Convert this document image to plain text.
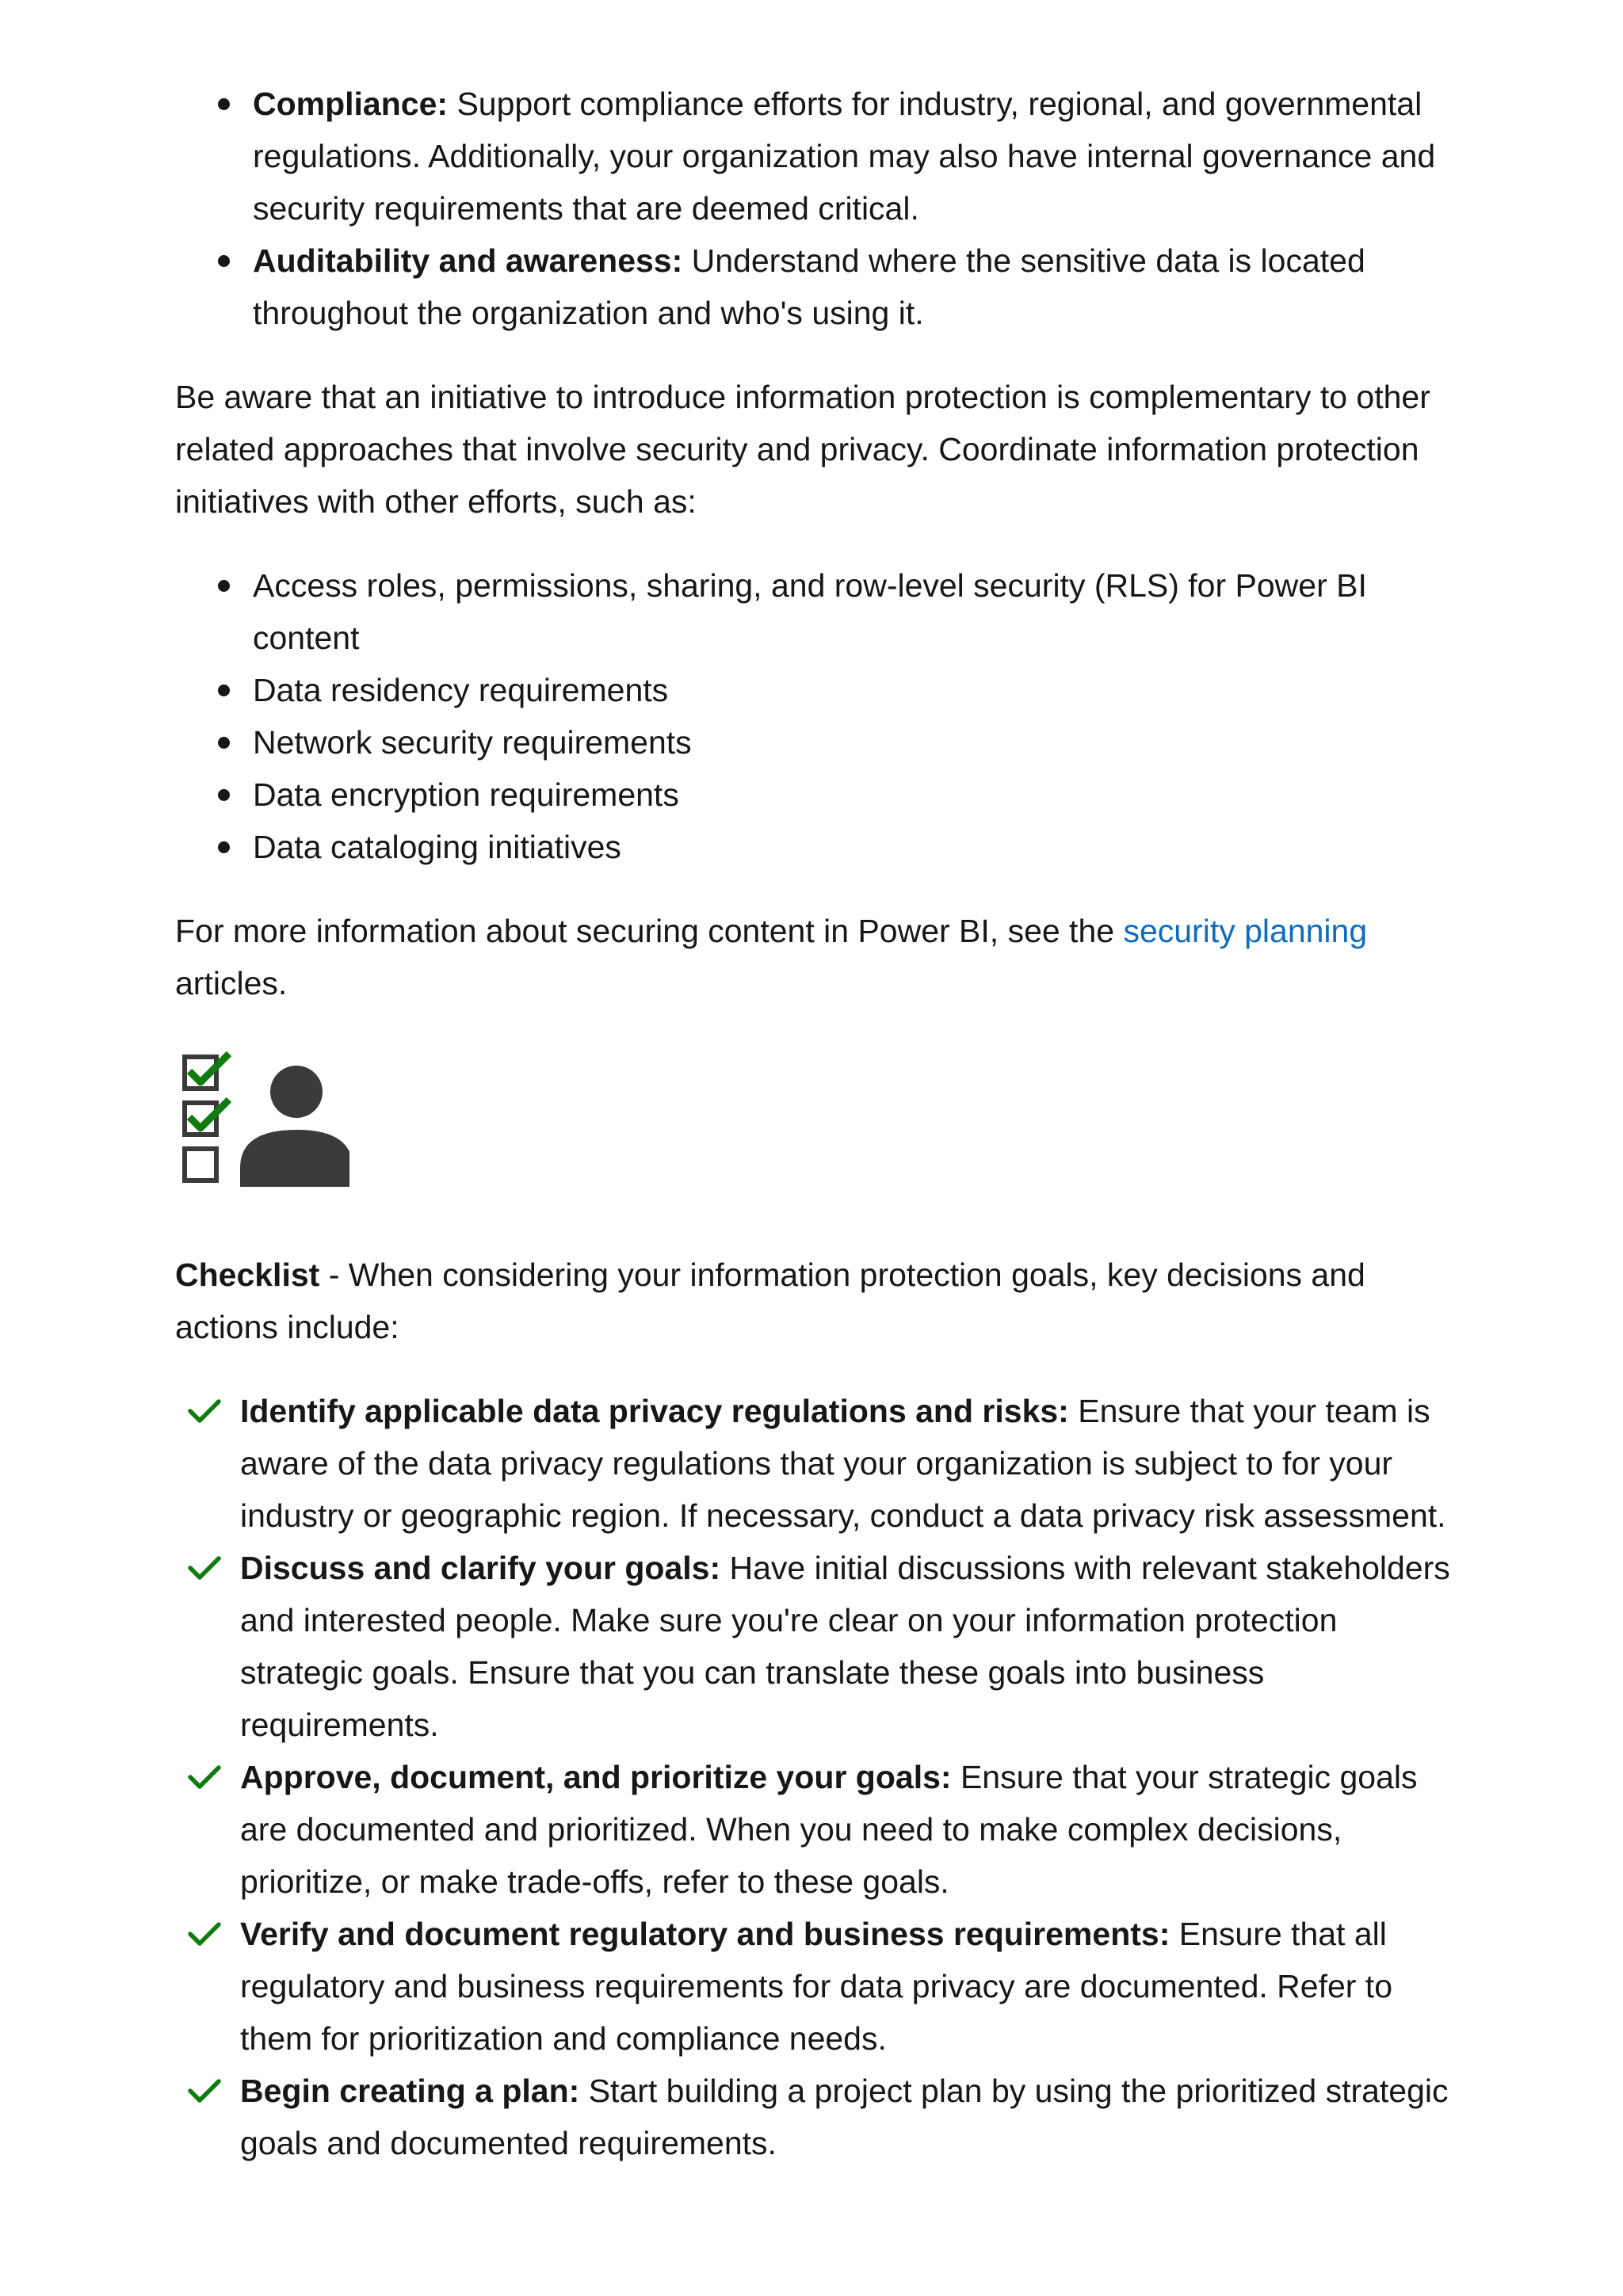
Compliance: Support compliance efforts for industry, regional, and governmental regulations. Additionally, your organization may also have internal governance and security requirements that are deemed critical.
Auditability and awareness: Understand where the sensitive data is located throughout the organization and who's using it.

Be aware that an initiative to introduce information protection is complementary to other related approaches that involve security and privacy. Coordinate information protection initiatives with other efforts, such as:

Access roles, permissions, sharing, and row-level security (RLS) for Power BI content
Data residency requirements
Network security requirements
Data encryption requirements
Data cataloging initiatives

For more information about securing content in Power BI, see the security planning articles.

Checklist - When considering your information protection goals, key decisions and actions include:

Identify applicable data privacy regulations and risks: Ensure that your team is aware of the data privacy regulations that your organization is subject to for your industry or geographic region. If necessary, conduct a data privacy risk assessment.
Discuss and clarify your goals: Have initial discussions with relevant stakeholders and interested people. Make sure you're clear on your information protection strategic goals. Ensure that you can translate these goals into business requirements.
Approve, document, and prioritize your goals: Ensure that your strategic goals are documented and prioritized. When you need to make complex decisions, prioritize, or make trade-offs, refer to these goals.
Verify and document regulatory and business requirements: Ensure that all regulatory and business requirements for data privacy are documented. Refer to them for prioritization and compliance needs.
Begin creating a plan: Start building a project plan by using the prioritized strategic goals and documented requirements.
